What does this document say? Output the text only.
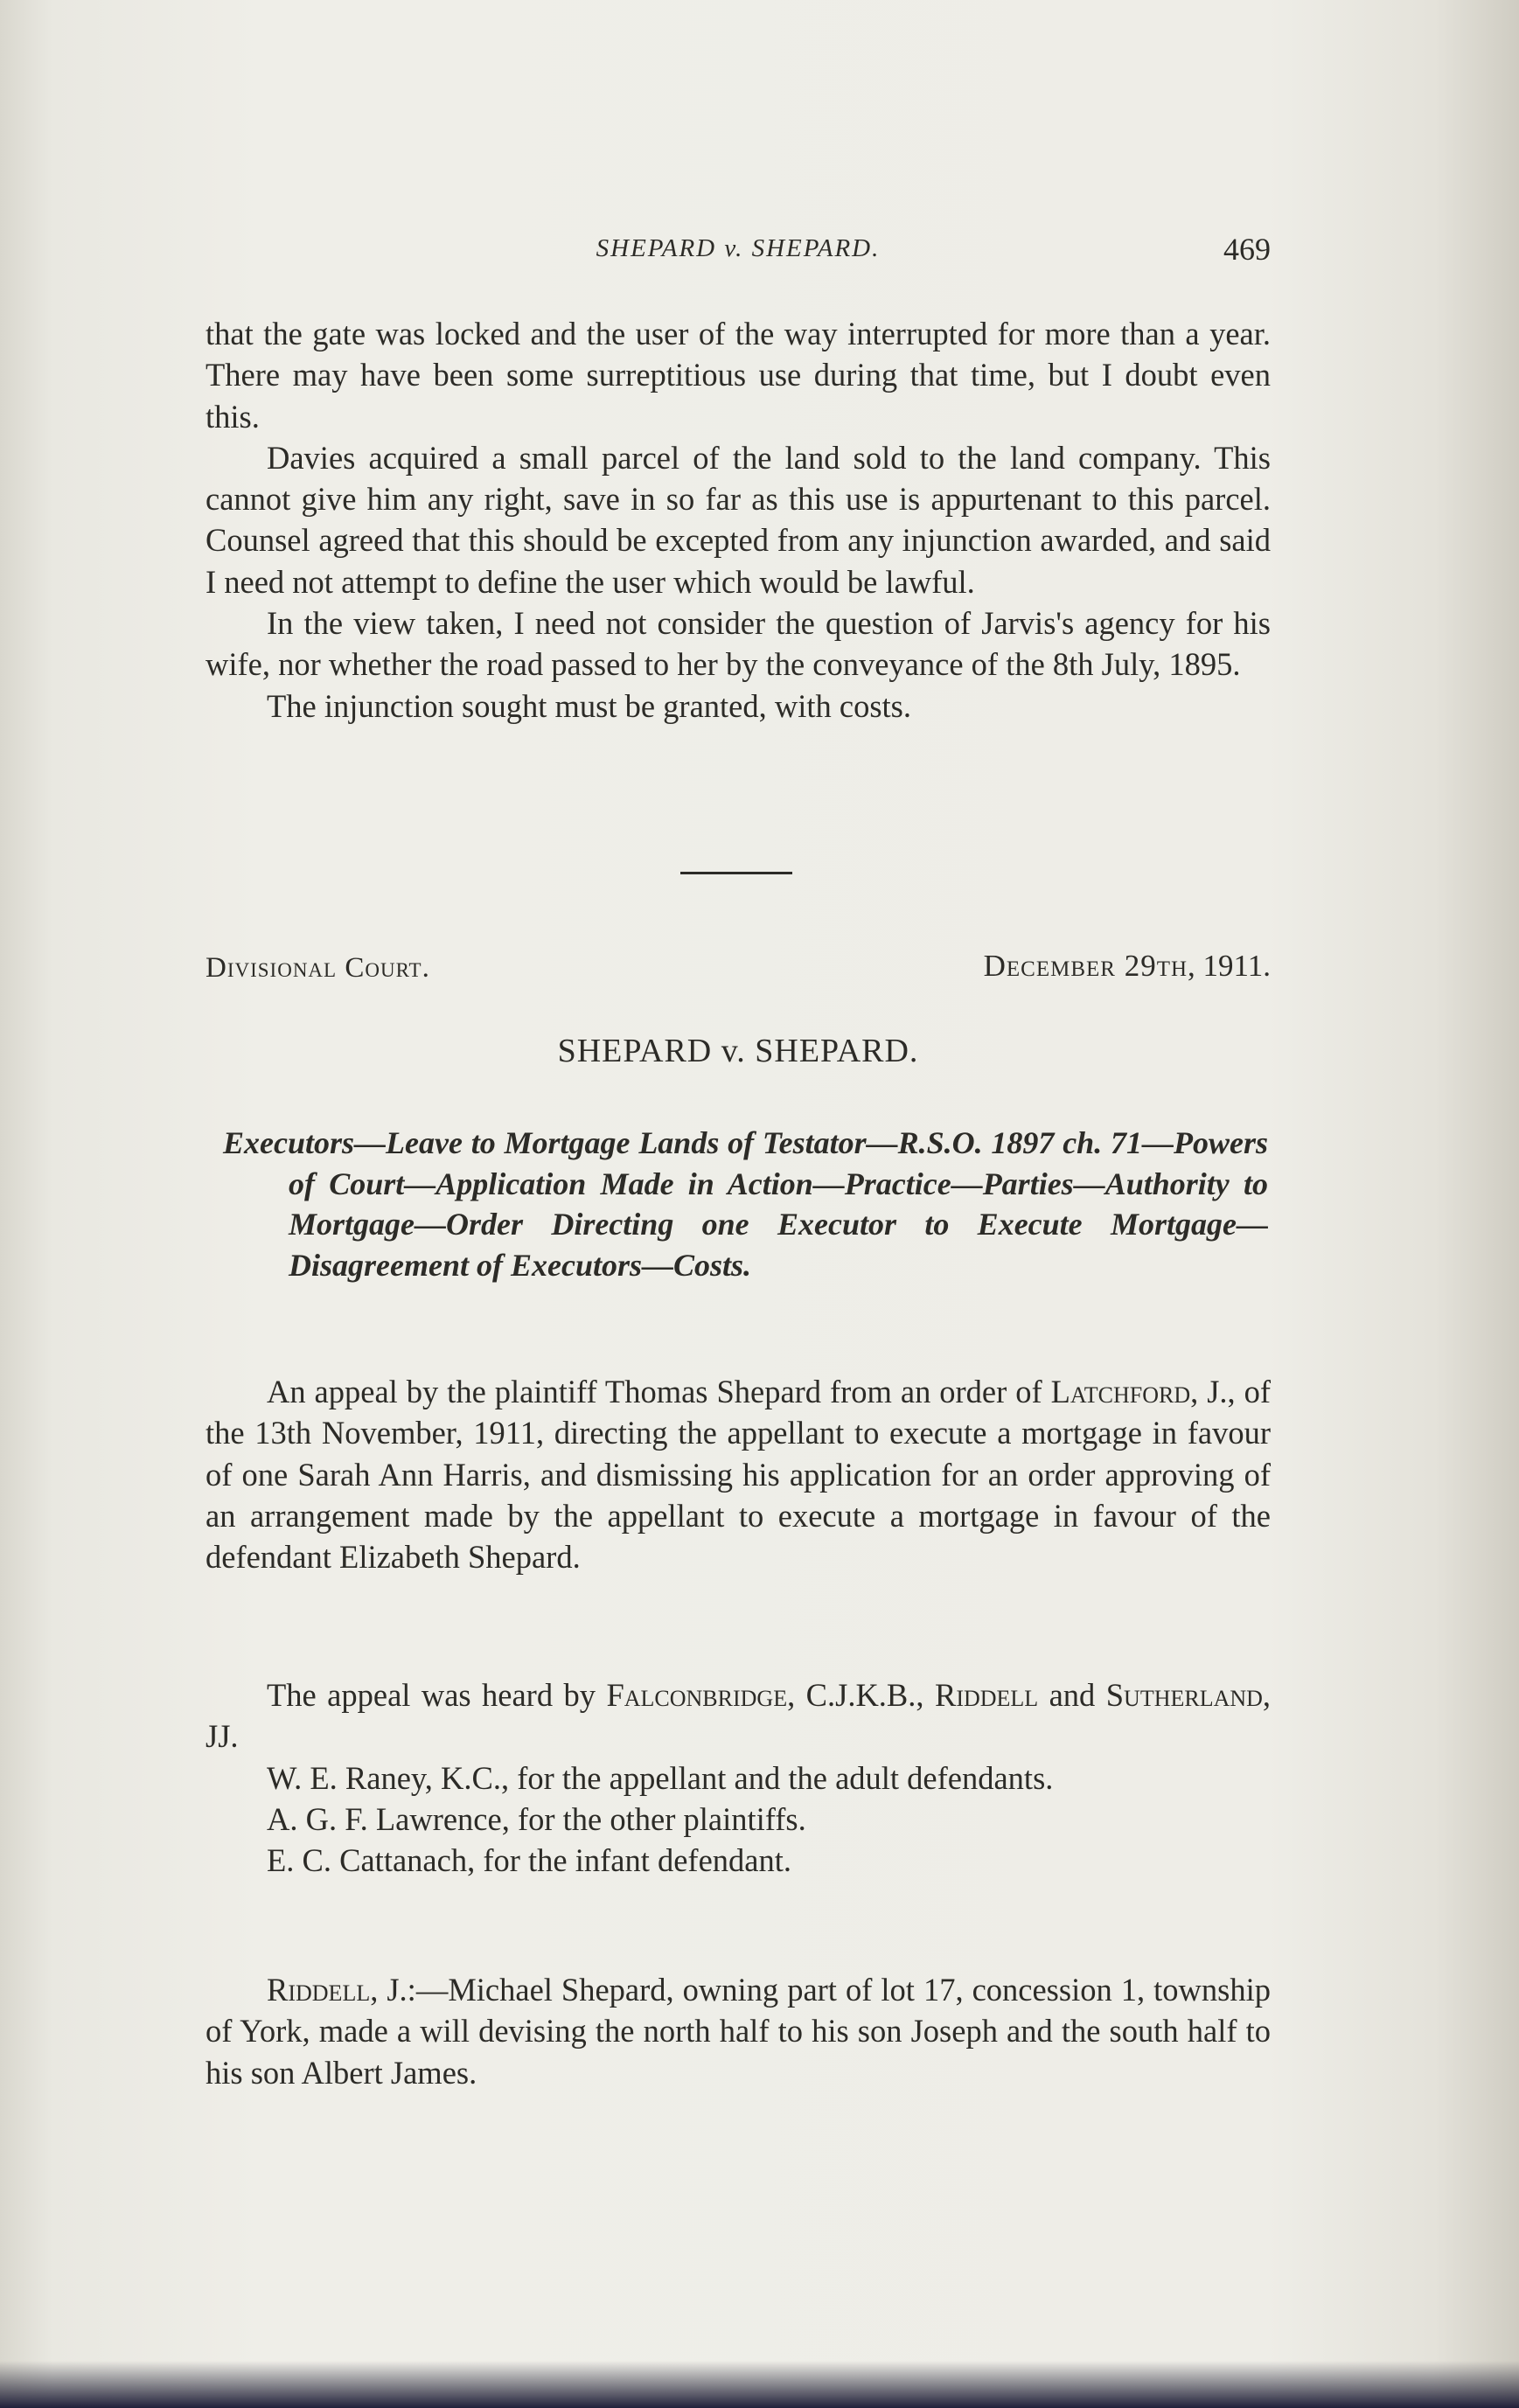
SHEPARD v. SHEPARD.	469

that the gate was locked and the user of the way interrupted for more than a year. There may have been some surreptitious use during that time, but I doubt even this.

Davies acquired a small parcel of the land sold to the land company. This cannot give him any right, save in so far as this use is appurtenant to this parcel. Counsel agreed that this should be excepted from any injunction awarded, and said I need not attempt to define the user which would be lawful.

In the view taken, I need not consider the question of Jarvis's agency for his wife, nor whether the road passed to her by the conveyance of the 8th July, 1895.

The injunction sought must be granted, with costs.

Divisional Court.	December 29th, 1911.
SHEPARD v. SHEPARD.

Executors—Leave to Mortgage Lands of Testator—R.S.O. 1897 ch. 71—Powers of Court—Application Made in Action—Practice—Parties—Authority to Mortgage—Order Directing one Executor to Execute Mortgage—Disagreement of Executors—Costs.

An appeal by the plaintiff Thomas Shepard from an order of Latchford, J., of the 13th November, 1911, directing the appellant to execute a mortgage in favour of one Sarah Ann Harris, and dismissing his application for an order approving of an arrangement made by the appellant to execute a mortgage in favour of the defendant Elizabeth Shepard.

The appeal was heard by Falconbridge, C.J.K.B., Riddell and Sutherland, JJ.

W. E. Raney, K.C., for the appellant and the adult defendants.

A. G. F. Lawrence, for the other plaintiffs.

E. C. Cattanach, for the infant defendant.

Riddell, J.:—Michael Shepard, owning part of lot 17, concession 1, township of York, made a will devising the north half to his son Joseph and the south half to his son Albert James.
